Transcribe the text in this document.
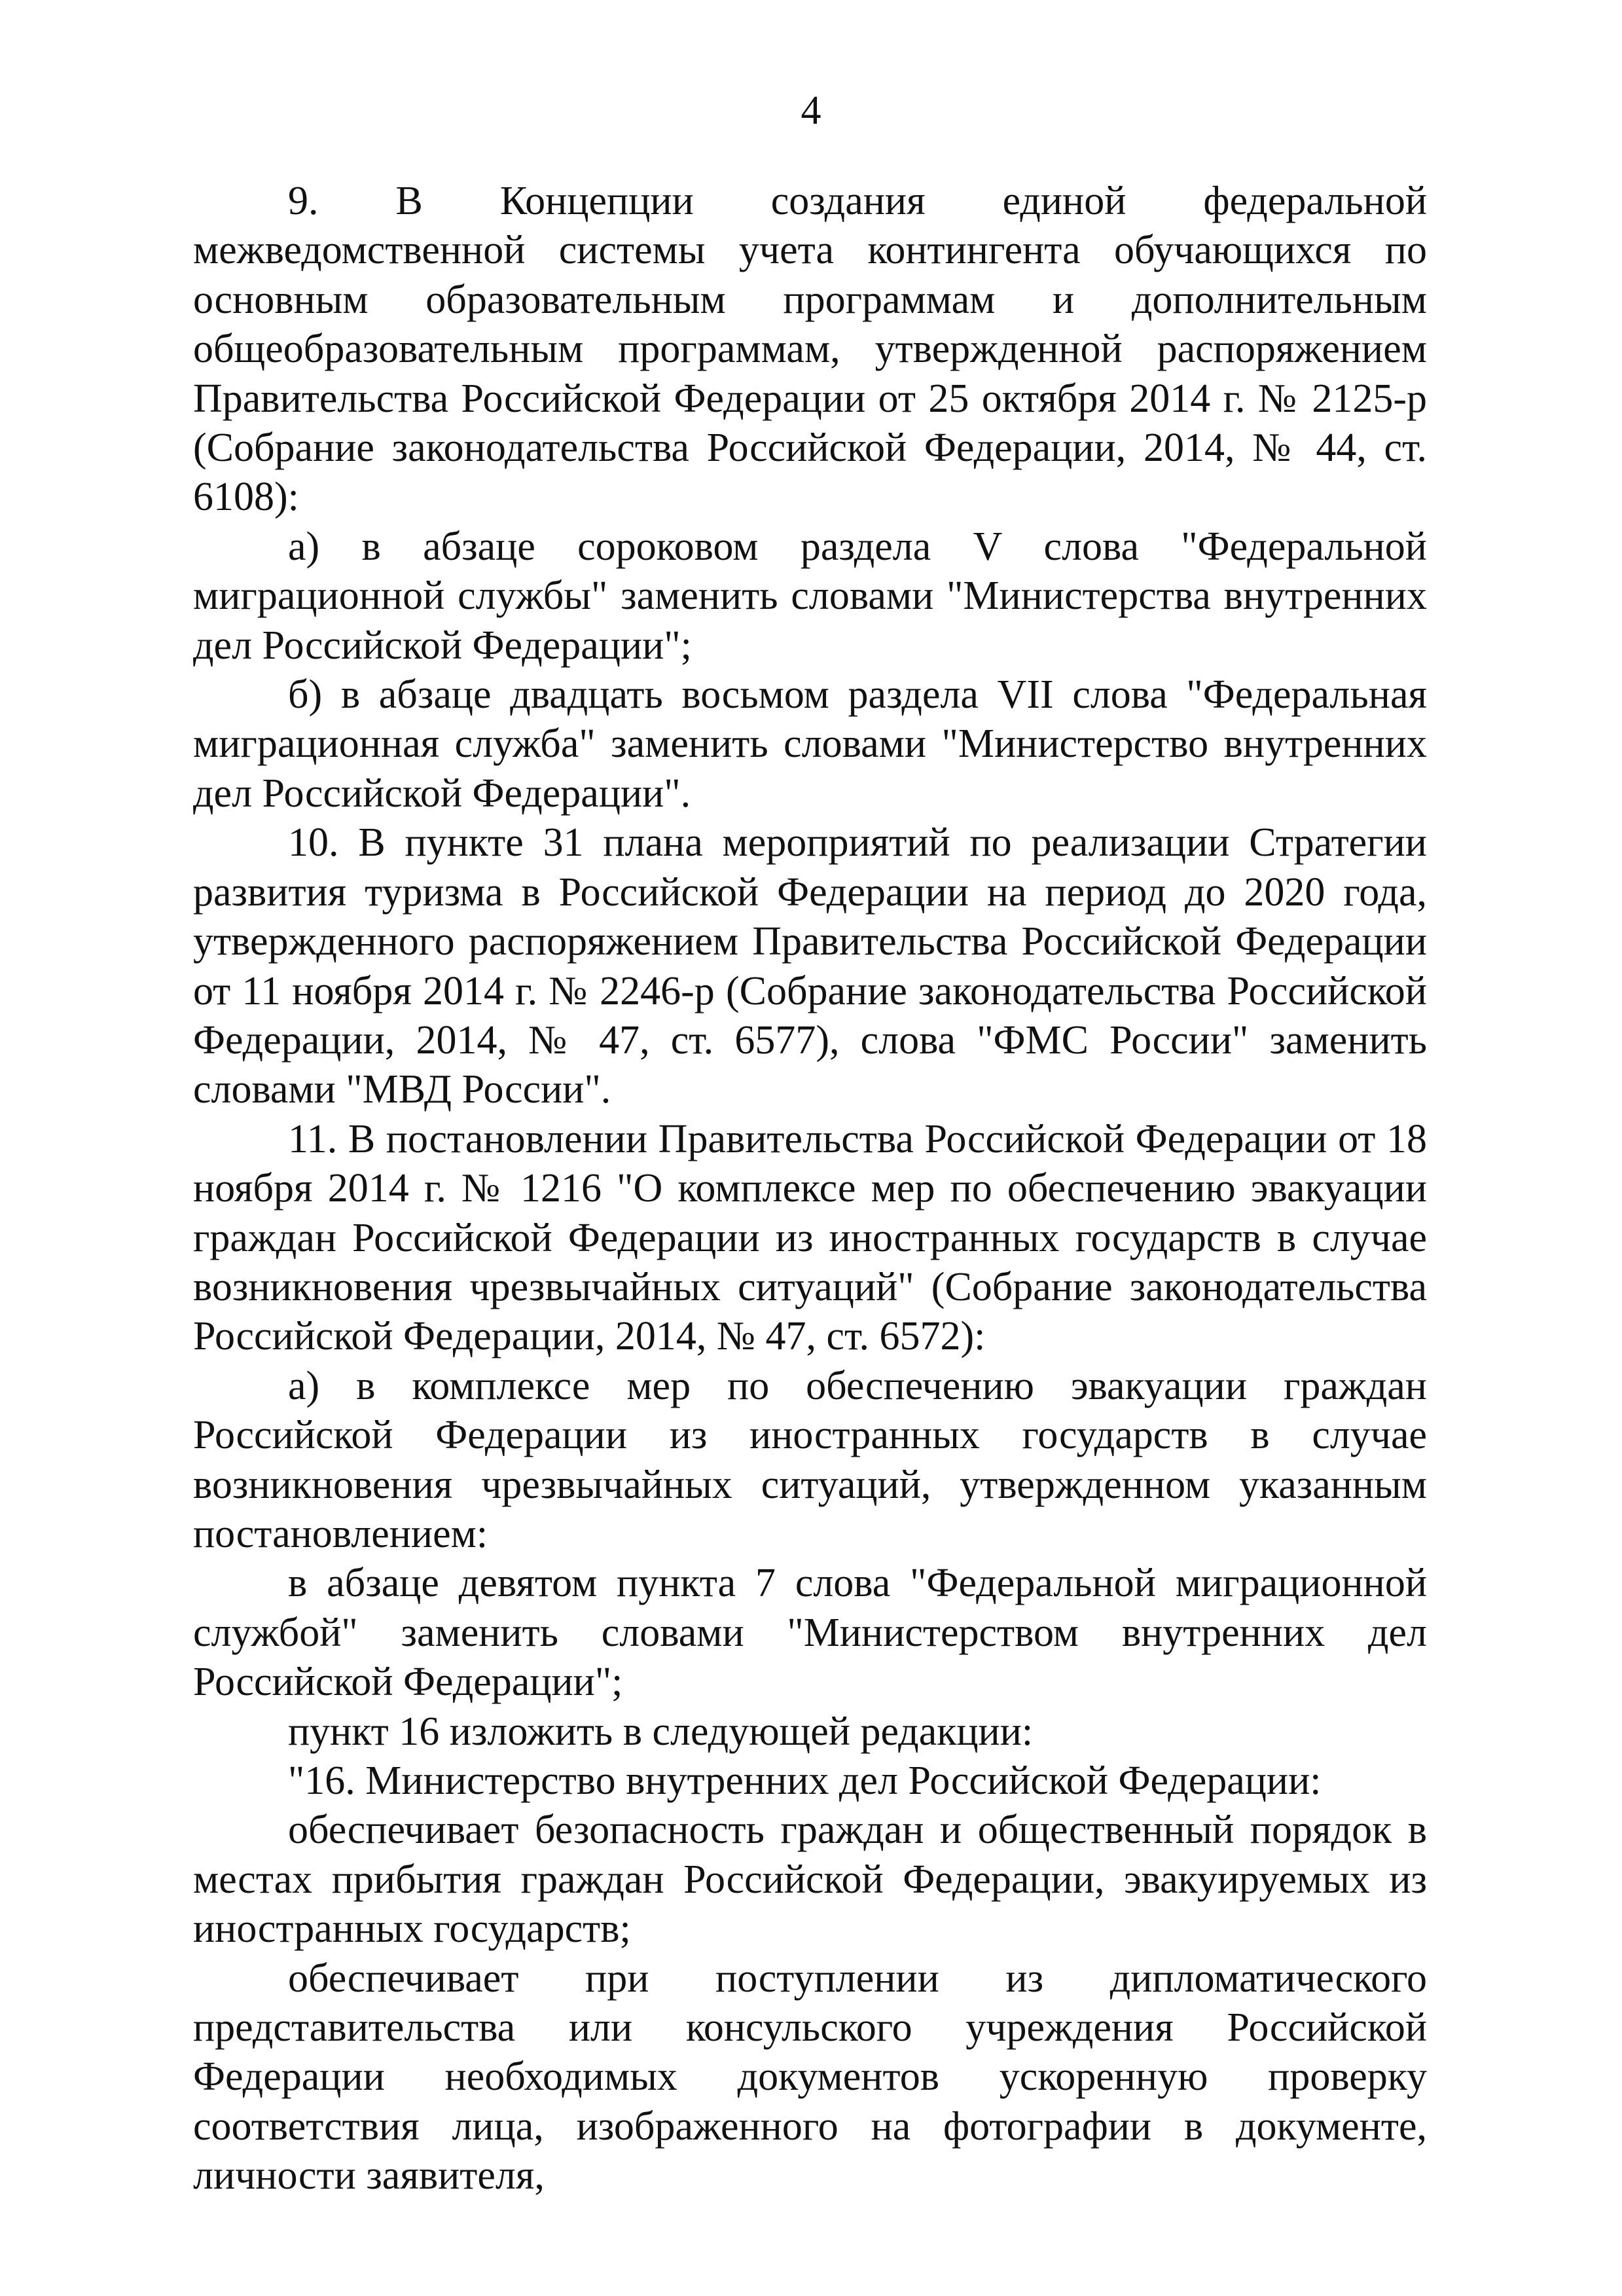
4

9. В Концепции создания единой федеральной межведомственной системы учета контингента обучающихся по основным образовательным программам и дополнительным общеобразовательным программам, утвержденной распоряжением Правительства Российской Федерации от 25 октября 2014 г. № 2125-р (Собрание законодательства Российской Федерации, 2014, № 44, ст. 6108):

а) в абзаце сороковом раздела V слова "Федеральной миграционной службы" заменить словами "Министерства внутренних дел Российской Федерации";

б) в абзаце двадцать восьмом раздела VII слова "Федеральная миграционная служба" заменить словами "Министерство внутренних дел Российской Федерации".

10. В пункте 31 плана мероприятий по реализации Стратегии развития туризма в Российской Федерации на период до 2020 года, утвержденного распоряжением Правительства Российской Федерации от 11 ноября 2014 г. № 2246-р (Собрание законодательства Российской Федерации, 2014, № 47, ст. 6577), слова "ФМС России" заменить словами "МВД России".

11. В постановлении Правительства Российской Федерации от 18 ноября 2014 г. № 1216 "О комплексе мер по обеспечению эвакуации граждан Российской Федерации из иностранных государств в случае возникновения чрезвычайных ситуаций" (Собрание законодательства Российской Федерации, 2014, № 47, ст. 6572):

а) в комплексе мер по обеспечению эвакуации граждан Российской Федерации из иностранных государств в случае возникновения чрезвычайных ситуаций, утвержденном указанным постановлением:

в абзаце девятом пункта 7 слова "Федеральной миграционной службой" заменить словами "Министерством внутренних дел Российской Федерации";

пункт 16 изложить в следующей редакции:

"16. Министерство внутренних дел Российской Федерации:

обеспечивает безопасность граждан и общественный порядок в местах прибытия граждан Российской Федерации, эвакуируемых из иностранных государств;

обеспечивает при поступлении из дипломатического представительства или консульского учреждения Российской Федерации необходимых документов ускоренную проверку соответствия лица, изображенного на фотографии в документе, личности заявителя,
